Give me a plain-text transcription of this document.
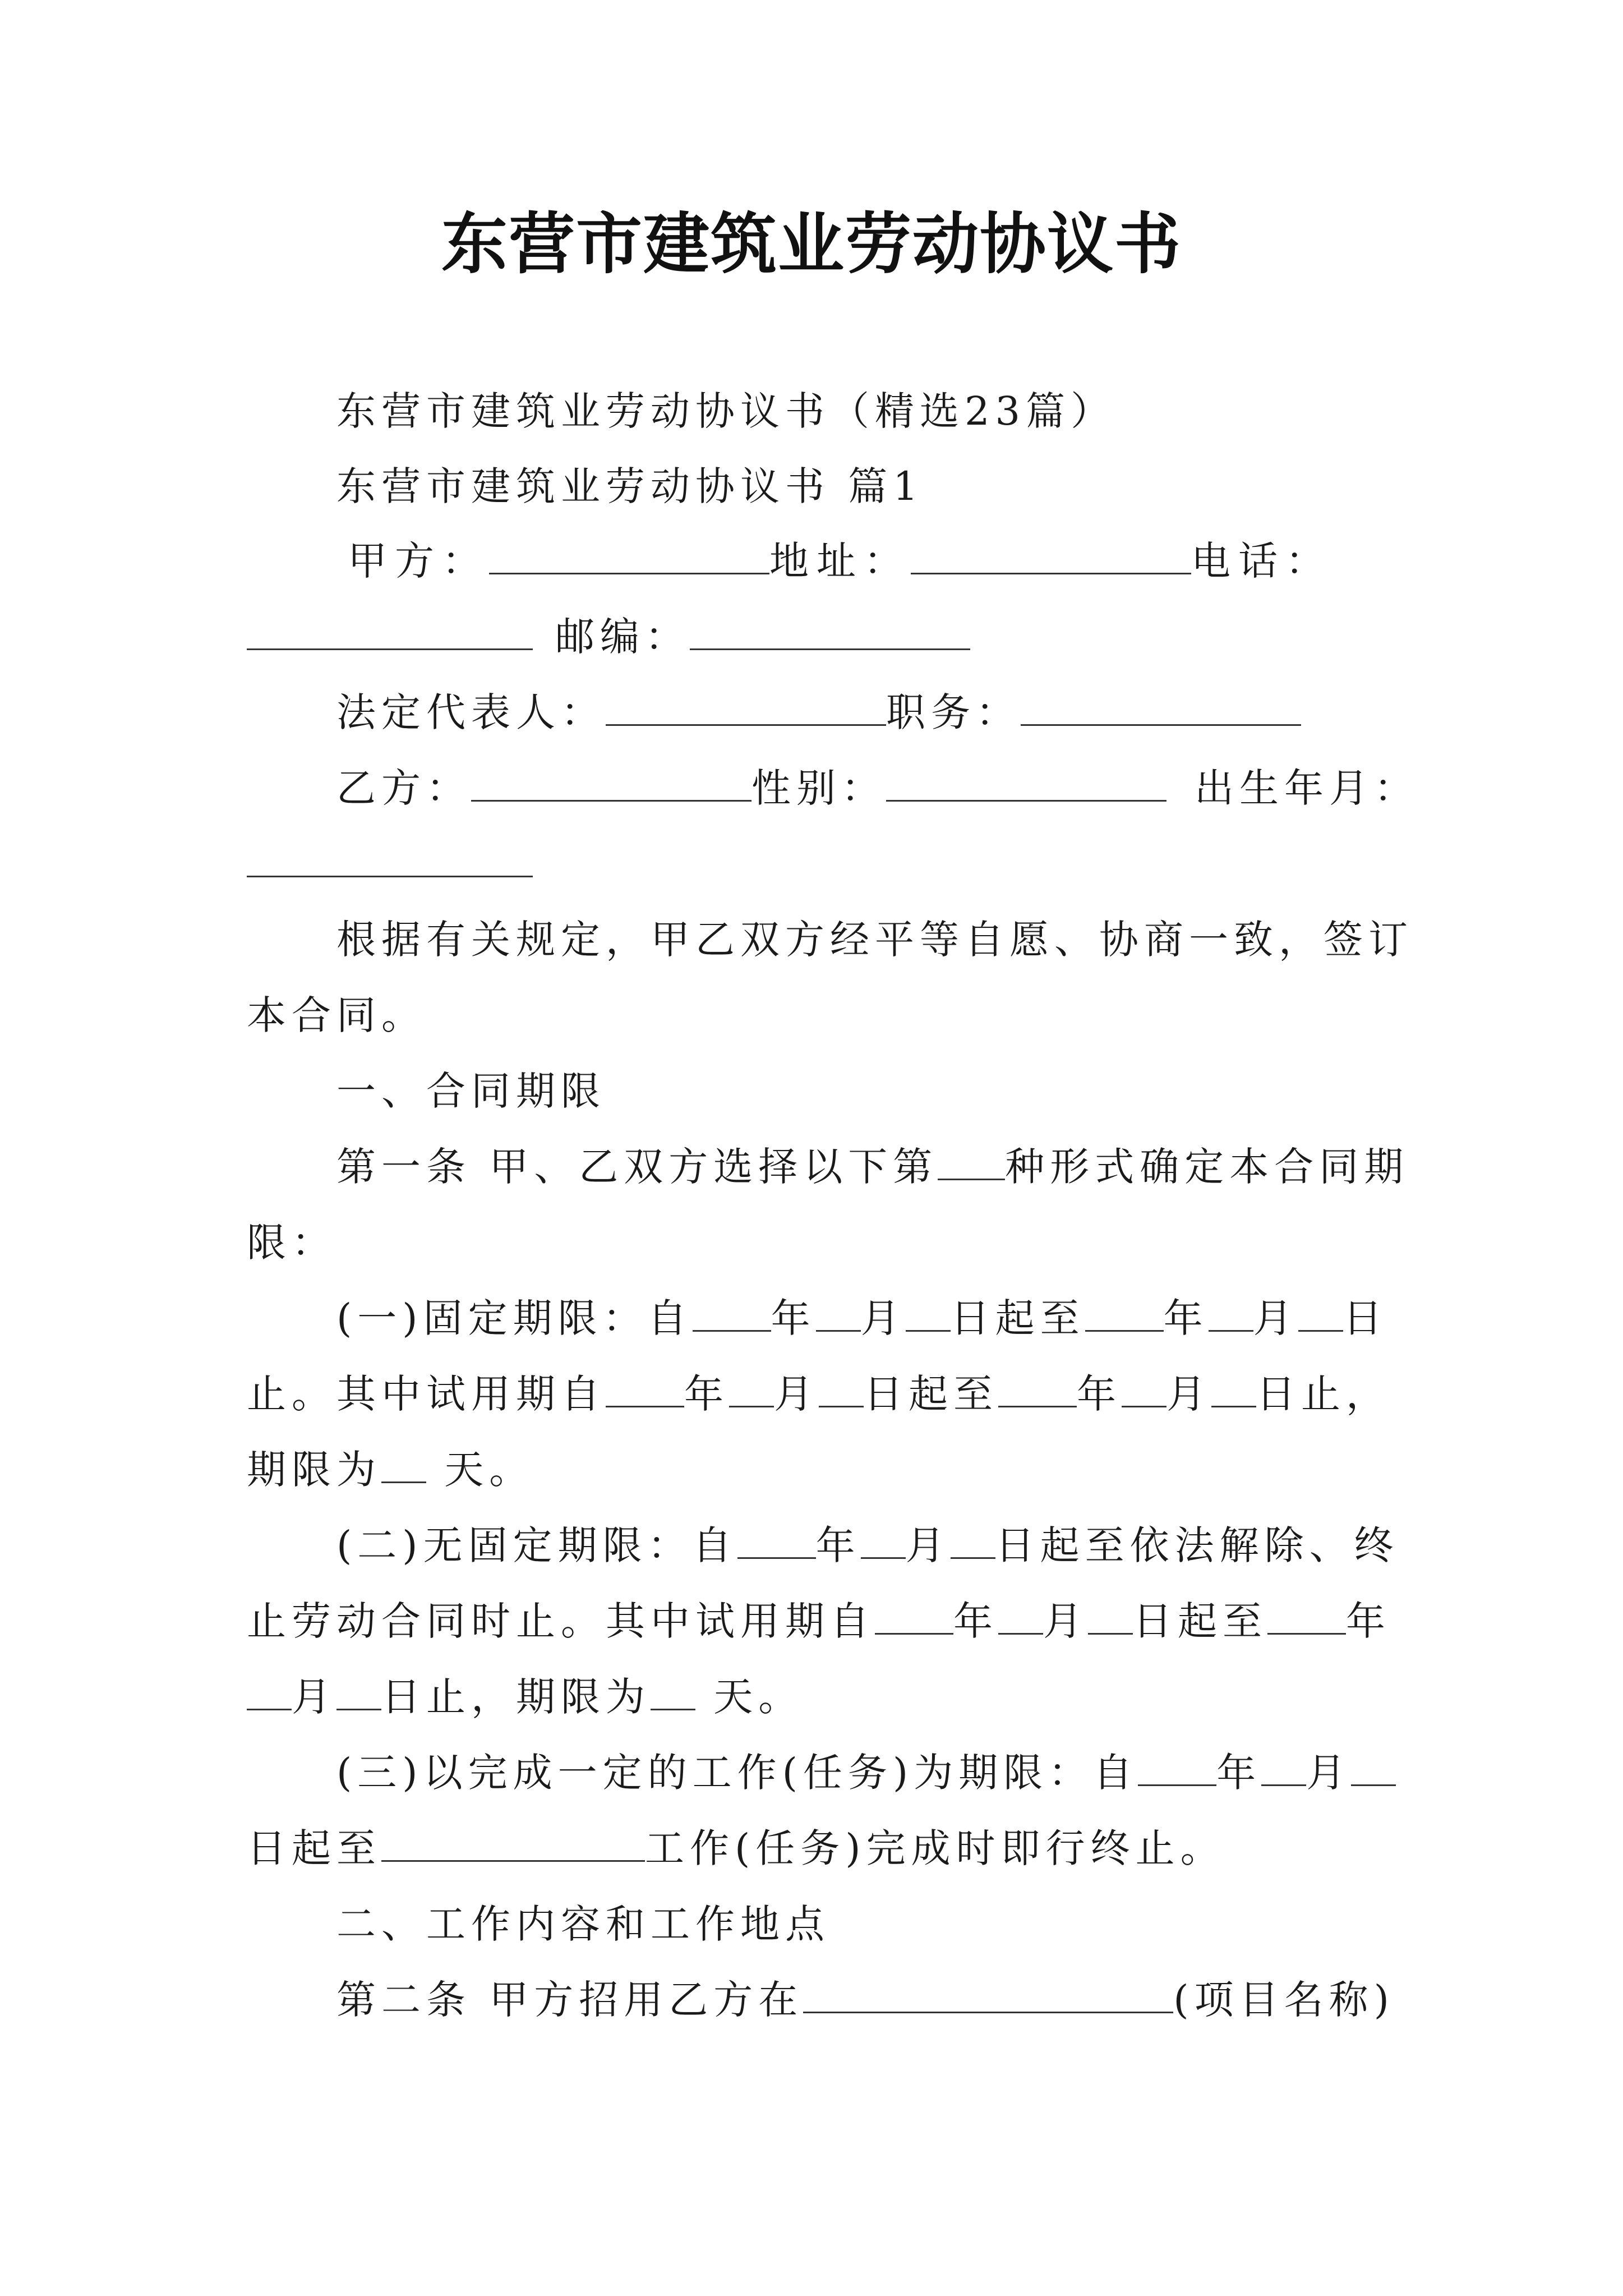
东营市建筑业劳动协议书
东营市建筑业劳动协议书（精选23篇）
东营市建筑业劳动协议书 篇1
甲方：	地址：	电话：
邮编：
法定代表人：	职务：
乙方：	性别：	出生年月：
根据有关规定，甲乙双方经平等自愿、协商一致，签订
本合同。
一、合同期限
第一条 甲、乙双方选择以下第 种形式确定本合同期
限：
(一)固定期限：自 年 月 日起至 年 月 日
止。其中试用期自 年 月 日起至 年 月 日止，
期限为 天。
(二)无固定期限：自 年 月 日起至依法解除、终
止劳动合同时止。其中试用期自 年 月 日起至 年
月 日止，期限为 天。
(三)以完成一定的工作(任务)为期限：自 年 月
日起至	工作(任务)完成时即行终止。
二、工作内容和工作地点
第二条 甲方招用乙方在	(项目名称)
